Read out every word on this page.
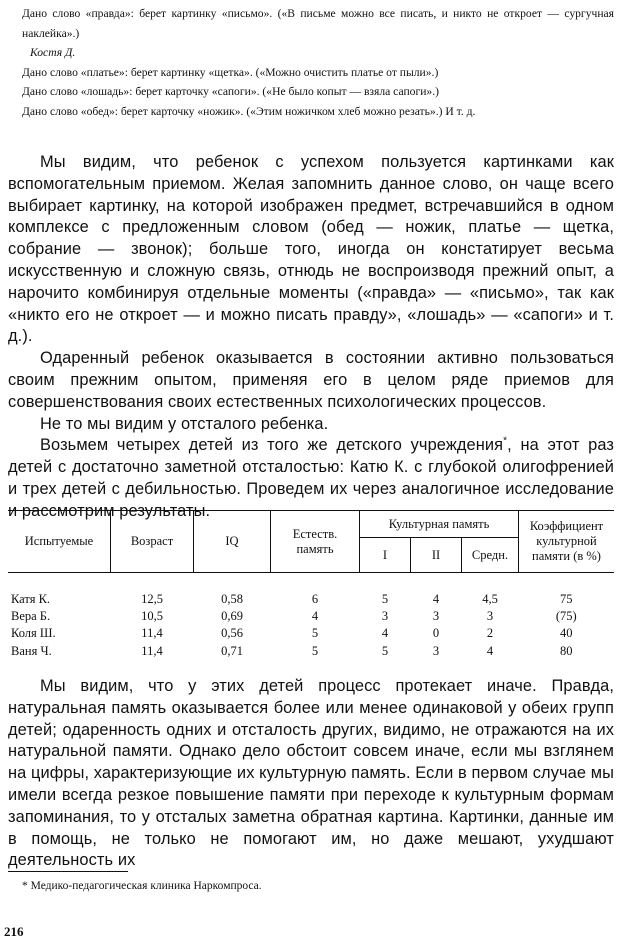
Дано слово «правда»: берет картинку «письмо». («В письме можно все писать, и никто не откроет — сургучная наклейка».)

Костя Д.

Дано слово «платье»: берет картинку «щетка». («Можно очистить платье от пыли».)

Дано слово «лошадь»: берет карточку «сапоги». («Не было копыт — взяла сапоги».)

Дано слово «обед»: берет карточку «ножик». («Этим ножичком хлеб можно резать».) И т. д.

Мы видим, что ребенок с успехом пользуется картинками как вспомогательным приемом. Желая запомнить данное слово, он чаще всего выбирает картинку, на которой изображен предмет, встречавшийся в одном комплексе с предложенным словом (обед — ножик, платье — щетка, собрание — звонок); больше того, иногда он констатирует весьма искусственную и сложную связь, отнюдь не воспроизводя прежний опыт, а нарочито комбинируя отдельные моменты («правда» — «письмо», так как «никто его не откроет — и можно писать правду», «лошадь» — «сапоги» и т. д.).

Одаренный ребенок оказывается в состоянии активно пользоваться своим прежним опытом, применяя его в целом ряде приемов для совершенствования своих естественных психологических процессов.

Не то мы видим у отсталого ребенка.

Возьмем четырех детей из того же детского учреждения*, на этот раз детей с достаточно заметной отсталостью: Катю К. с глубокой олигофренией и трех детей с дебильностью. Проведем их через аналогичное исследование и рассмотрим результаты.

Испытуемые	Возраст	IQ	Естеств. память	Культурная память			Коэффициент культурной памяти (в %)
				I	II	Средн.	
Катя К.	12,5	0,58	6	5	4	4,5	75
Вера Б.	10,5	0,69	4	3	3	3	(75)
Коля Ш.	11,4	0,56	5	4	0	2	40
Ваня Ч.	11,4	0,71	5	5	3	4	80

Мы видим, что у этих детей процесс протекает иначе. Правда, натуральная память оказывается более или менее одинаковой у обеих групп детей; одаренность одних и отсталость других, видимо, не отражаются на их натуральной памяти. Однако дело обстоит совсем иначе, если мы взглянем на цифры, характеризующие их культурную память. Если в первом случае мы имели всегда резкое повышение памяти при переходе к культурным формам запоминания, то у отсталых заметна обратная картина. Картинки, данные им в помощь, не только не помогают им, но даже мешают, ухудшают деятельность их

* Медико-педагогическая клиника Наркомпроса.
216
